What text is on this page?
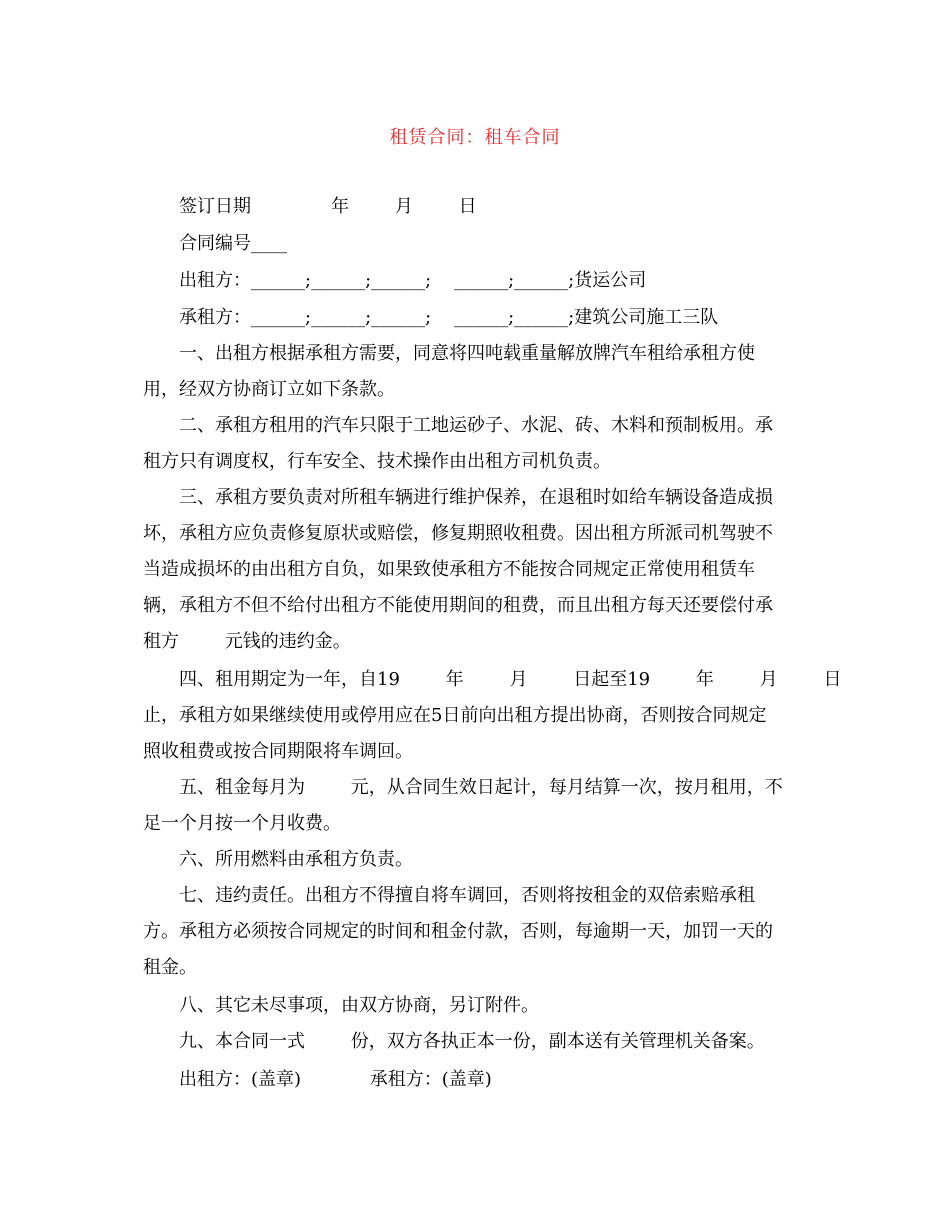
租赁合同：租车合同
签订日期              年        月        日
合同编号____
出租方：______;______;______;    ______;______;货运公司
承租方：______;______;______;    ______;______;建筑公司施工三队
一、出租方根据承租方需要，同意将四吨载重量解放牌汽车租给承租方使
用，经双方协商订立如下条款。
二、承租方租用的汽车只限于工地运砂子、水泥、砖、木料和预制板用。承
租方只有调度权，行车安全、技术操作由出租方司机负责。
三、承租方要负责对所租车辆进行维护保养，在退租时如给车辆设备造成损
坏，承租方应负责修复原状或赔偿，修复期照收租费。因出租方所派司机驾驶不
当造成损坏的由出租方自负，如果致使承租方不能按合同规定正常使用租赁车
辆，承租方不但不给付出租方不能使用期间的租费，而且出租方每天还要偿付承
租方        元钱的违约金。
四、租用期定为一年，自19        年        月        日起至19        年        月        日
止，承租方如果继续使用或停用应在5日前向出租方提出协商，否则按合同规定
照收租费或按合同期限将车调回。
五、租金每月为        元，从合同生效日起计，每月结算一次，按月租用，不
足一个月按一个月收费。
六、所用燃料由承租方负责。
七、违约责任。出租方不得擅自将车调回，否则将按租金的双倍索赔承租
方。承租方必须按合同规定的时间和租金付款，否则，每逾期一天，加罚一天的
租金。
八、其它未尽事项，由双方协商，另订附件。
九、本合同一式        份，双方各执正本一份，副本送有关管理机关备案。
出租方：(盖章)            承租方：(盖章)
